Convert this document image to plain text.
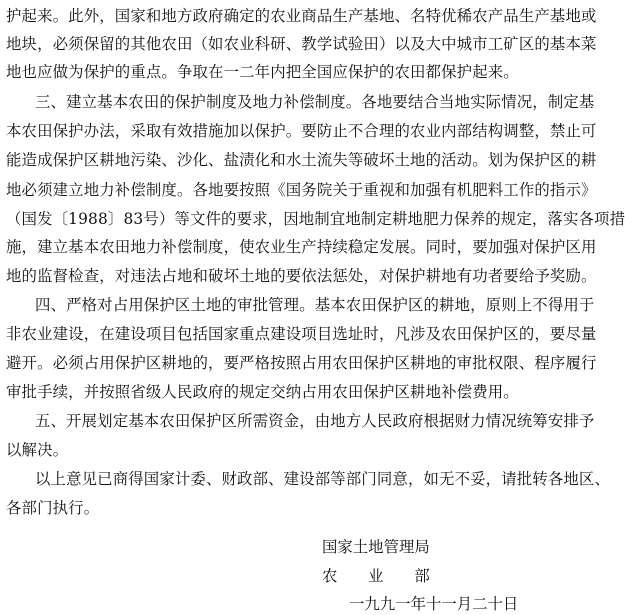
护起来。此外，国家和地方政府确定的农业商品生产基地、名特优稀农产品生产基地或
地块，必须保留的其他农田（如农业科研、教学试验田）以及大中城市工矿区的基本菜
地也应做为保护的重点。争取在一二年内把全国应保护的农田都保护起来。
三、建立基本农田的保护制度及地力补偿制度。各地要结合当地实际情况，制定基
本农田保护办法，采取有效措施加以保护。要防止不合理的农业内部结构调整，禁止可
能造成保护区耕地污染、沙化、盐渍化和水土流失等破坏土地的活动。划为保护区的耕
地必须建立地力补偿制度。各地要按照《国务院关于重视和加强有机肥料工作的指示》
（国发〔1988〕83号）等文件的要求，因地制宜地制定耕地肥力保养的规定，落实各项措
施，建立基本农田地力补偿制度，使农业生产持续稳定发展。同时，要加强对保护区用
地的监督检查，对违法占地和破坏土地的要依法惩处，对保护耕地有功者要给予奖励。
四、严格对占用保护区土地的审批管理。基本农田保护区的耕地，原则上不得用于
非农业建设，在建设项目包括国家重点建设项目选址时，凡涉及农田保护区的，要尽量
避开。必须占用保护区耕地的，要严格按照占用农田保护区耕地的审批权限、程序履行
审批手续，并按照省级人民政府的规定交纳占用农田保护区耕地补偿费用。
五、开展划定基本农田保护区所需资金，由地方人民政府根据财力情况统筹安排予
以解决。
以上意见已商得国家计委、财政部、建设部等部门同意，如无不妥，请批转各地区、
各部门执行。
国家土地管理局
农　　业　　部
一九九一年十一月二十日
